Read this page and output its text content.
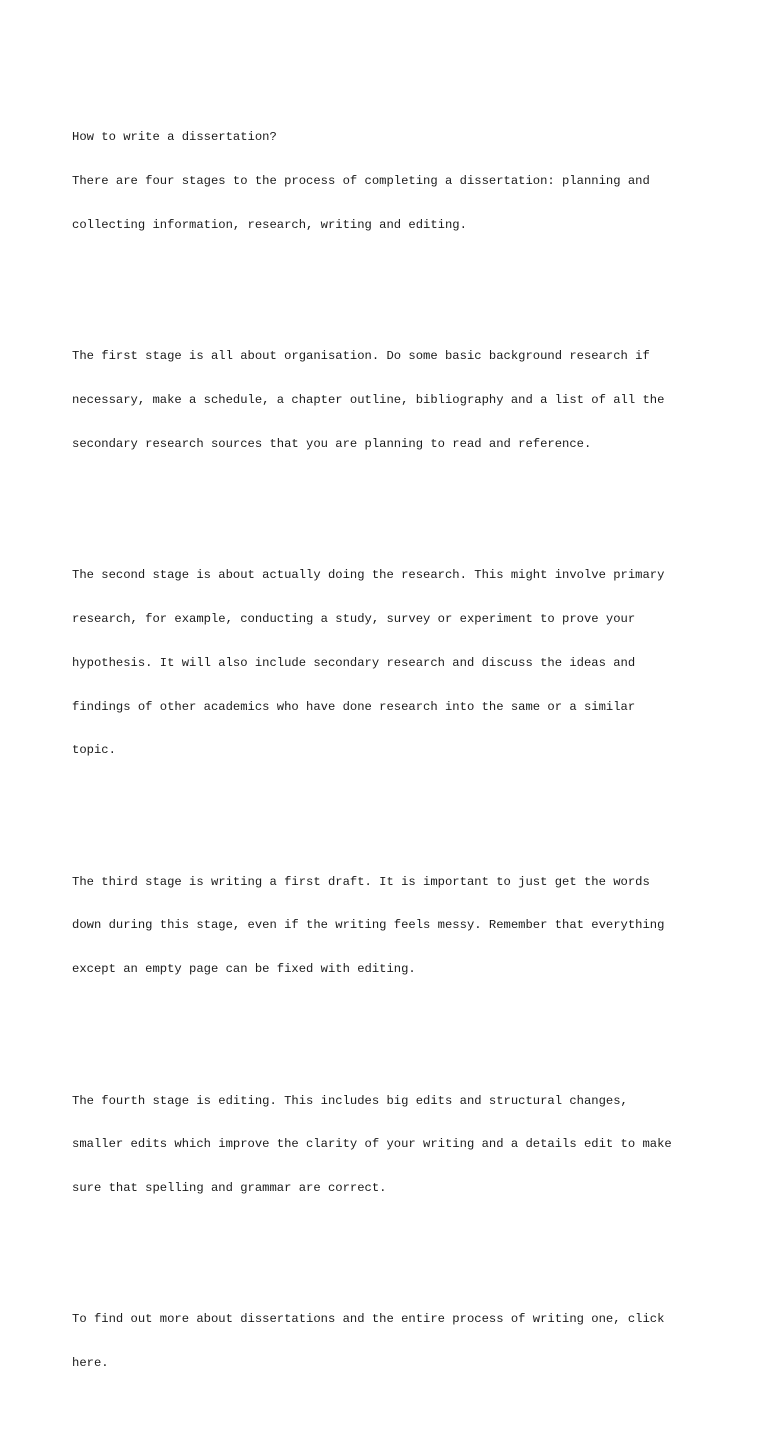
How to write a dissertation?

There are four stages to the process of completing a dissertation: planning and

collecting information, research, writing and editing.

The first stage is all about organisation. Do some basic background research if

necessary, make a schedule, a chapter outline, bibliography and a list of all the

secondary research sources that you are planning to read and reference.

The second stage is about actually doing the research. This might involve primary

research, for example, conducting a study, survey or experiment to prove your

hypothesis. It will also include secondary research and discuss the ideas and

findings of other academics who have done research into the same or a similar

topic.

The third stage is writing a first draft. It is important to just get the words

down during this stage, even if the writing feels messy. Remember that everything

except an empty page can be fixed with editing.

The fourth stage is editing. This includes big edits and structural changes,

smaller edits which improve the clarity of your writing and a details edit to make

sure that spelling and grammar are correct.

To find out more about dissertations and the entire process of writing one, click

here.
